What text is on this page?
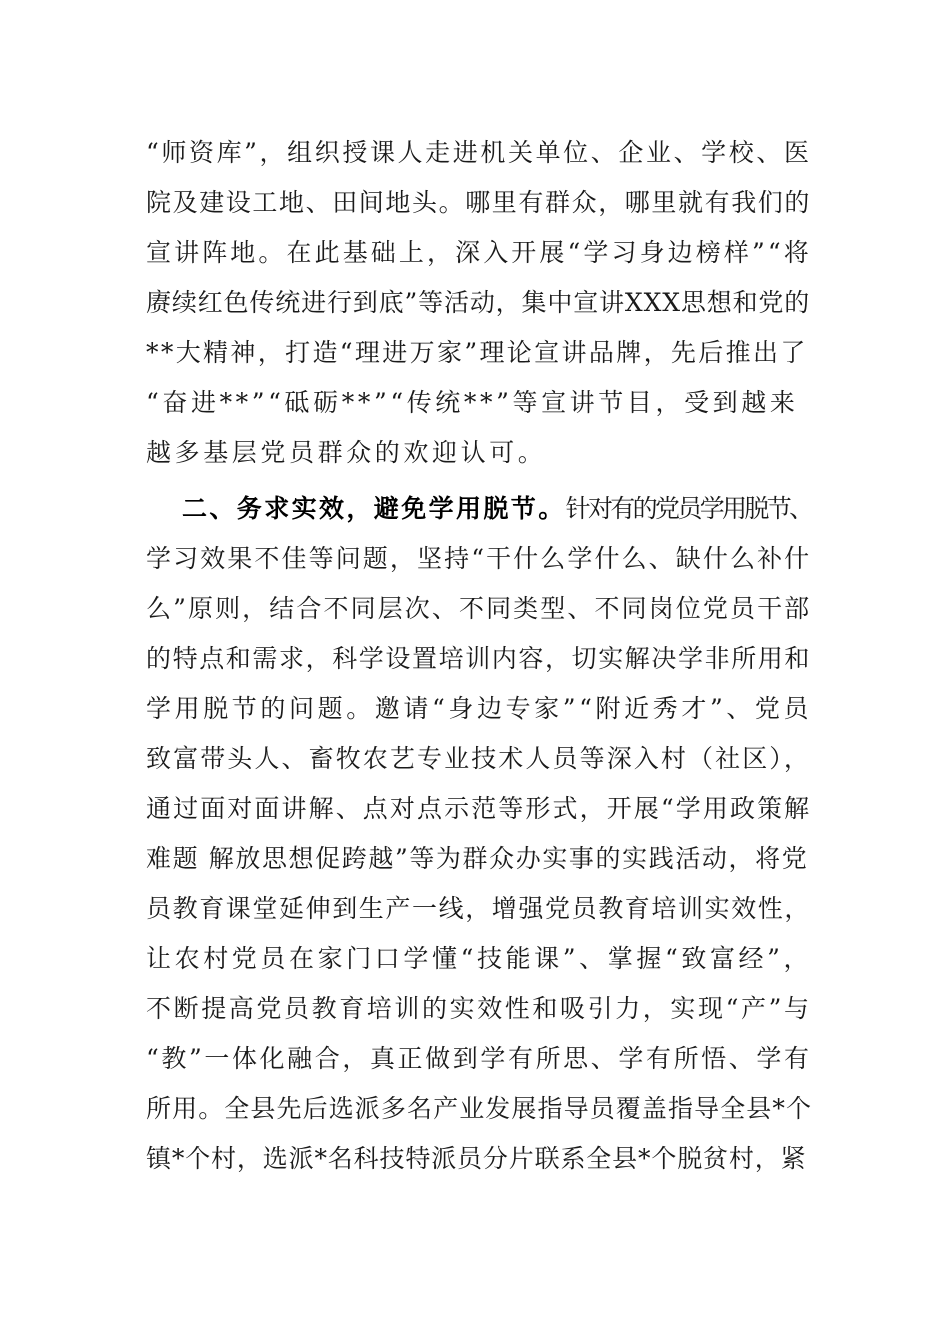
“师资库”，组织授课人走进机关单位、企业、学校、医
院及建设工地、田间地头。哪里有群众，哪里就有我们的
宣讲阵地。在此基础上，深入开展“学习身边榜样”“将
赓续红色传统进行到底”等活动，集中宣讲XXX思想和党的
**大精神，打造“理进万家”理论宣讲品牌，先后推出了
“奋进**”“砥砺**”“传统**”等宣讲节目，受到越来
越多基层党员群众的欢迎认可。
二、务求实效，避免学用脱节。针对有的党员学用脱节、
学习效果不佳等问题，坚持“干什么学什么、缺什么补什
么”原则，结合不同层次、不同类型、不同岗位党员干部
的特点和需求，科学设置培训内容，切实解决学非所用和
学用脱节的问题。邀请“身边专家”“附近秀才”、党员
致富带头人、畜牧农艺专业技术人员等深入村（社区），
通过面对面讲解、点对点示范等形式，开展“学用政策解
难题 解放思想促跨越”等为群众办实事的实践活动，将党
员教育课堂延伸到生产一线，增强党员教育培训实效性，
让农村党员在家门口学懂“技能课”、掌握“致富经”，
不断提高党员教育培训的实效性和吸引力，实现“产”与
“教”一体化融合，真正做到学有所思、学有所悟、学有
所用。全县先后选派多名产业发展指导员覆盖指导全县*个
镇*个村，选派*名科技特派员分片联系全县*个脱贫村，紧
